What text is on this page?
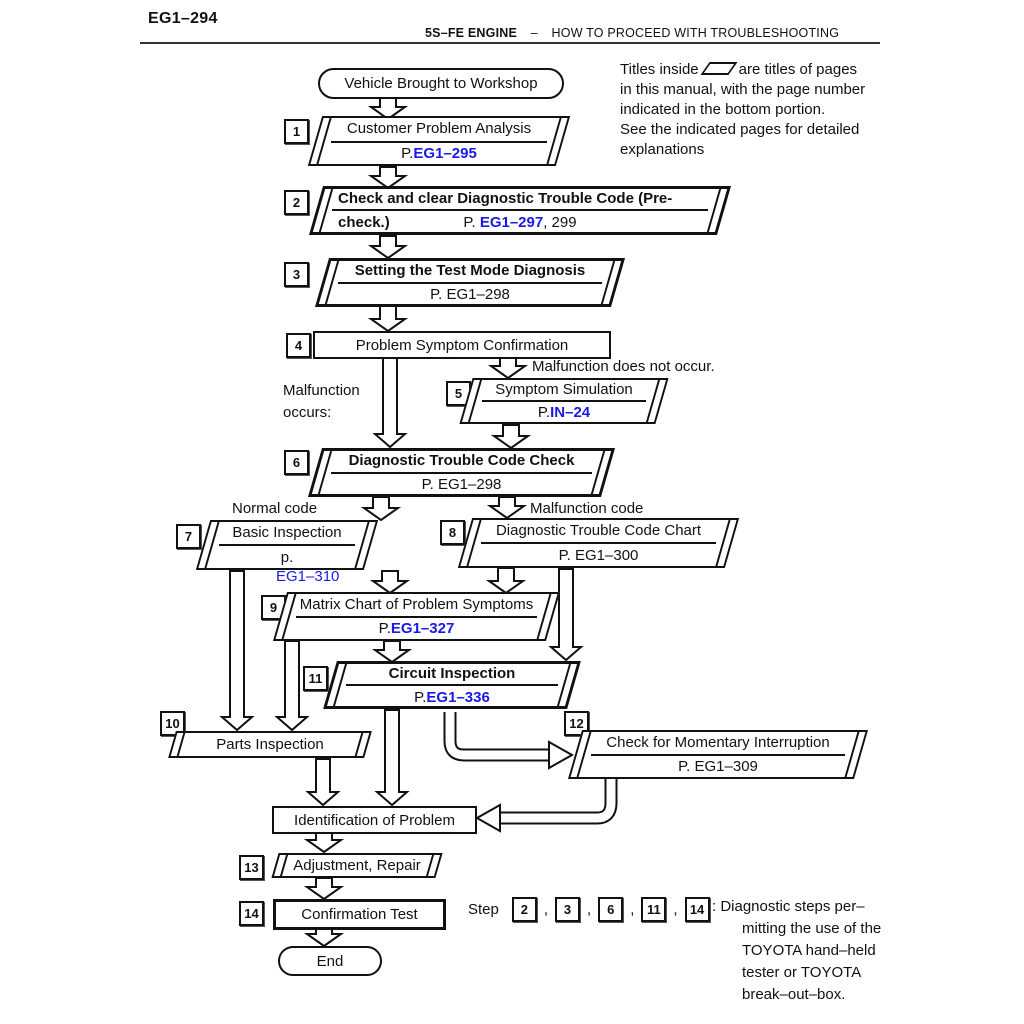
EG1–294
5S–FE ENGINE – HOW TO PROCEED WITH TROUBLESHOOTING
Titles inside	are titles of pages
in this manual, with the page number
indicated in the bottom portion.
See the indicated pages for detailed
explanations
Vehicle Brought to Workshop
1	Customer Problem Analysis
P. EG1–295
2	Check and clear Diagnostic Trouble Code (Pre-
check.)	P. EG1–297, 299
3	Setting the Test Mode Diagnosis
P. EG1–298
4	Problem Symptom Confirmation
Malfunction
occurs:
Malfunction does not occur.
5	Symptom Simulation
P. IN–24
6	Diagnostic Trouble Code Check
P. EG1–298
Normal code	Malfunction code
7	Basic Inspection
p.
EG1–310
8	Diagnostic Trouble Code Chart
P. EG1–300
9	Matrix Chart of Problem Symptoms
P. EG1–327
11	Circuit Inspection
P. EG1–336
10
Parts Inspection
12
Check for Momentary Interruption
P. EG1–309
Identification of Problem
13	Adjustment, Repair
14	Confirmation Test
End
Step	2	,	3	,	6	, 11 , 14 : Diagnostic steps per–
mitting the use of the
TOYOTA hand–held
tester or TOYOTA
break–out–box.
